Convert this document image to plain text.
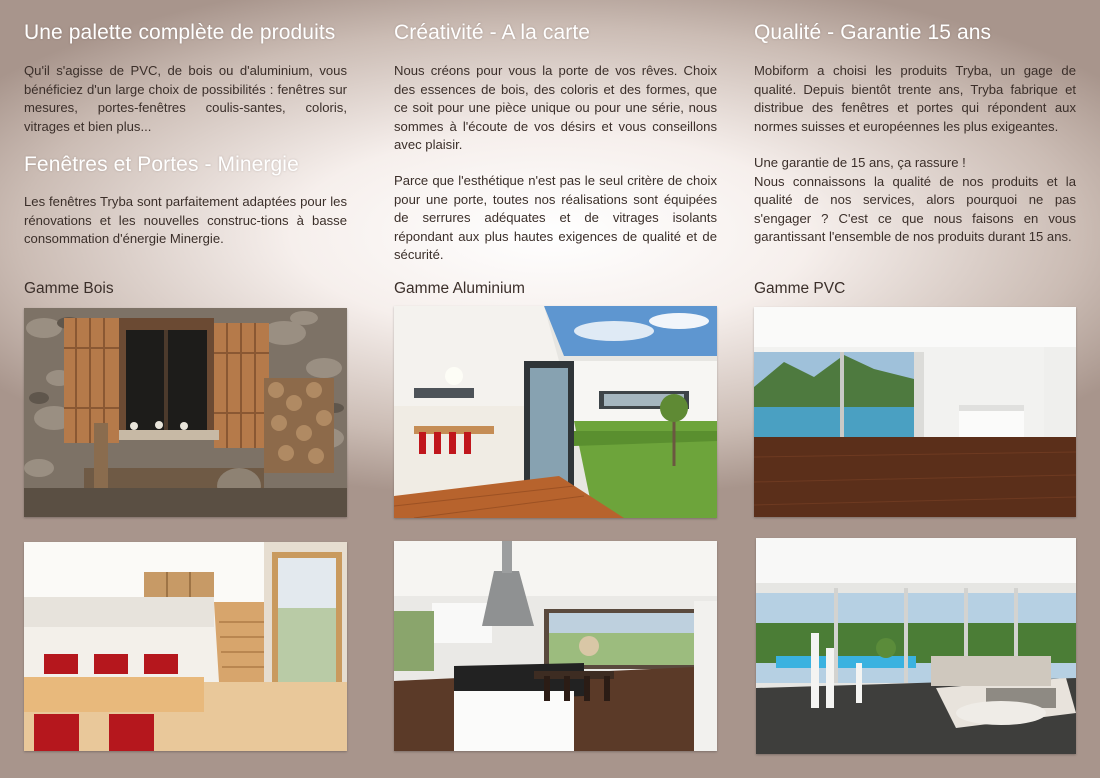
Une palette complète de produits

Qu'il s'agisse de PVC, de bois ou d'aluminium, vous bénéficiez d'un large choix de possibilités : fenêtres sur mesures, portes-fenêtres coulis-santes, coloris, vitrages et bien plus...

Fenêtres et Portes - Minergie

Les fenêtres Tryba sont parfaitement adaptées pour les rénovations et les nouvelles construc-tions à basse consommation d'énergie Minergie.

Gamme Bois
Créativité - A la carte

Nous créons pour vous la porte de vos rêves. Choix des essences de bois, des coloris et des formes, que ce soit pour une pièce unique ou pour une série, nous sommes à l'écoute de vos désirs et vous conseillons avec plaisir.

Parce que l'esthétique n'est pas le seul critère de choix pour une porte, toutes nos réalisations sont équipées de serrures adéquates et de vitrages isolants répondant aux plus hautes exigences de qualité et de sécurité.

Gamme Aluminium
Qualité - Garantie 15 ans

Mobiform a choisi les produits Tryba, un gage de qualité. Depuis bientôt trente ans, Tryba fabrique et distribue des fenêtres et portes qui répondent aux normes suisses et européennes les plus exigeantes.

Une garantie de 15 ans, ça rassure !
Nous connaissons la qualité de nos produits et la qualité de nos services, alors pourquoi ne pas s'engager ? C'est ce que nous faisons en vous garantissant l'ensemble de nos produits durant 15 ans.

Gamme PVC
